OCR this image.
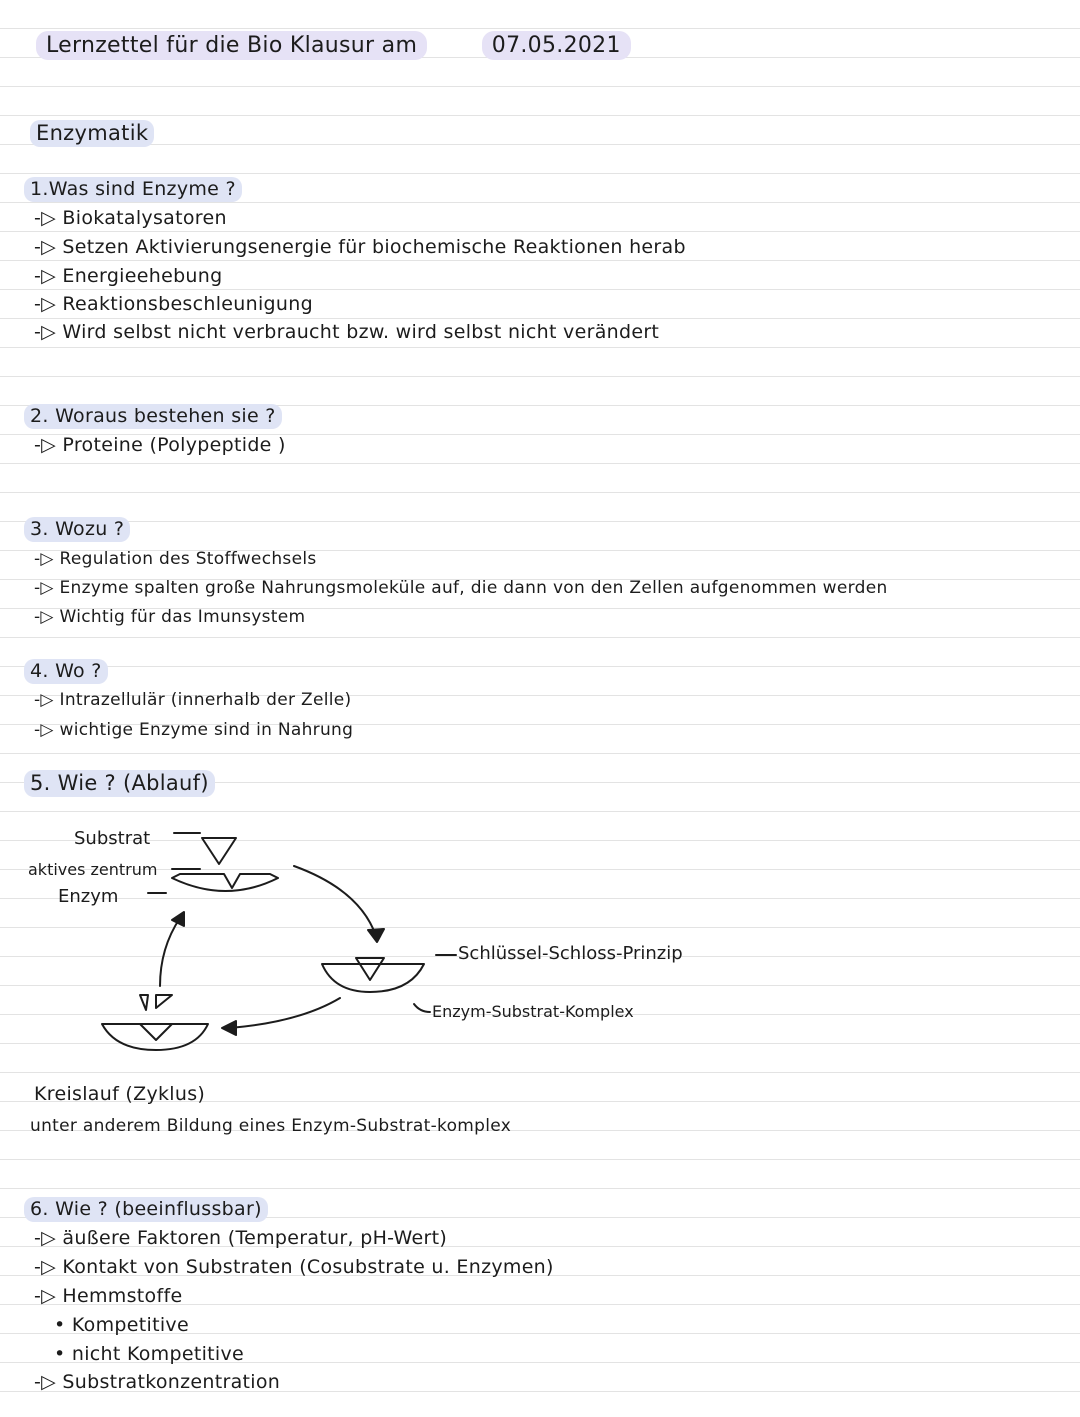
Lernzettel für die Bio Klausur am	07.05.2021
Enzymatik
1.Was sind Enzyme ?
-▷ Biokatalysatoren
-▷ Setzen Aktivierungsenergie für biochemische Reaktionen herab
-▷ Energieehebung
-▷ Reaktionsbeschleunigung
-▷ Wird selbst nicht verbraucht bzw. wird selbst nicht verändert
2. Woraus bestehen sie ?
-▷ Proteine (Polypeptide )
3. Wozu ?
-▷ Regulation des Stoffwechsels
-▷ Enzyme spalten große Nahrungsmoleküle auf, die dann von den Zellen aufgenommen werden
-▷ Wichtig für das Imunsystem
4. Wo ?
-▷ Intrazellulär (innerhalb der Zelle)
-▷ wichtige Enzyme sind in Nahrung
5. Wie ? (Ablauf)
Substrat
aktives zentrum
Enzym
Schlüssel-Schloss-Prinzip
Enzym-Substrat-Komplex
Kreislauf (Zyklus)
unter anderem Bildung eines Enzym-Substrat-komplex
6. Wie ? (beeinflussbar)
-▷ äußere Faktoren (Temperatur, pH-Wert)
-▷ Kontakt von Substraten (Cosubstrate u. Enzymen)
-▷ Hemmstoffe
• Kompetitive
• nicht Kompetitive
-▷ Substratkonzentration
